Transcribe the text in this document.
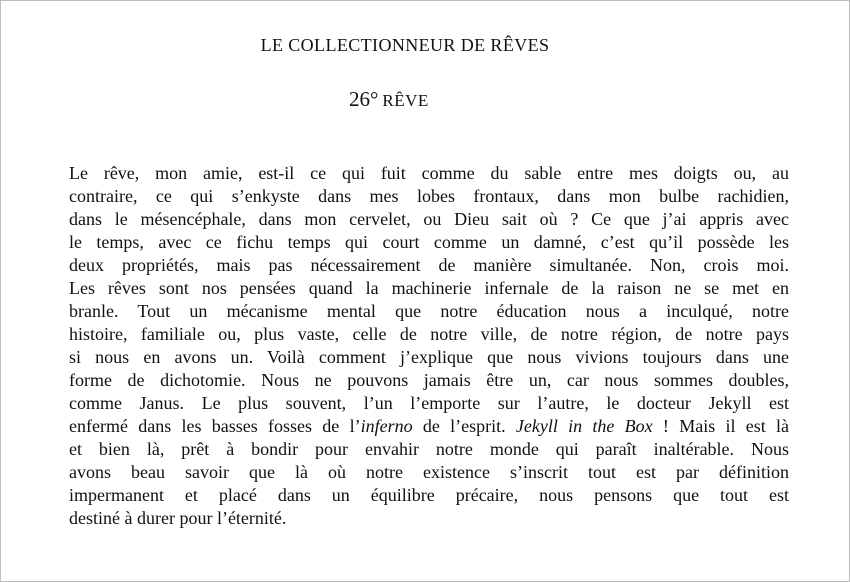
LE COLLECTIONNEUR DE RÊVES
26° RÊVE
Le rêve, mon amie, est-il ce qui fuit comme du sable entre mes doigts ou, au
contraire, ce qui s’enkyste dans mes lobes frontaux, dans mon bulbe rachidien,
dans le mésencéphale, dans mon cervelet, ou Dieu sait où ? Ce que j’ai appris avec
le temps, avec ce fichu temps qui court comme un damné, c’est qu’il possède les
deux propriétés, mais pas nécessairement de manière simultanée. Non, crois moi.
Les rêves sont nos pensées quand la machinerie infernale de la raison ne se met en
branle. Tout un mécanisme mental que notre éducation nous a inculqué, notre
histoire, familiale ou, plus vaste, celle de notre ville, de notre région, de notre pays
si nous en avons un. Voilà comment j’explique que nous vivions toujours dans une
forme de dichotomie. Nous ne pouvons jamais être un, car nous sommes doubles,
comme Janus. Le plus souvent, l’un l’emporte sur l’autre, le docteur Jekyll est
enfermé dans les basses fosses de l’inferno de l’esprit. Jekyll in the Box ! Mais il est là
et bien là, prêt à bondir pour envahir notre monde qui paraît inaltérable. Nous
avons beau savoir que là où notre existence s’inscrit tout est par définition
impermanent et placé dans un équilibre précaire, nous pensons que tout est
destiné à durer pour l’éternité.
